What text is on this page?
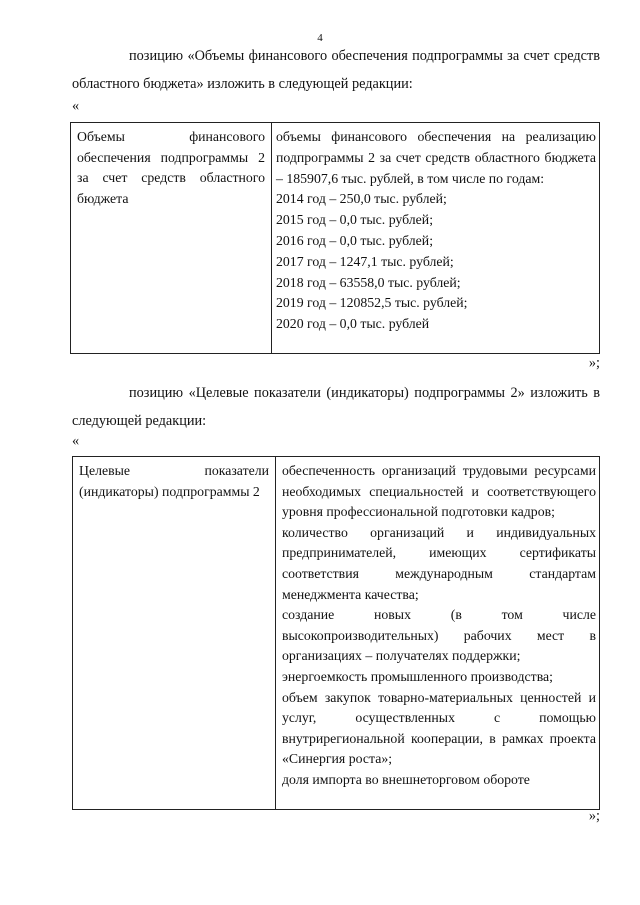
4

позицию «Объемы финансового обеспечения подпрограммы за счет средств областного бюджета» изложить в следующей редакции:

«
Объемы финансового обеспечения подпрограммы 2 за счет средств областного бюджета
объемы финансового обеспечения на реализацию подпрограммы 2 за счет средств областного бюджета – 185907,6 тыс. рублей, в том числе по годам:
2014 год – 250,0 тыс. рублей;
2015 год – 0,0 тыс. рублей;
2016 год – 0,0 тыс. рублей;
2017 год – 1247,1 тыс. рублей;
2018 год – 63558,0 тыс. рублей;
2019 год – 120852,5 тыс. рублей;
2020 год – 0,0 тыс. рублей
»;

позицию «Целевые показатели (индикаторы) подпрограммы 2» изложить в следующей редакции:

«
Целевые показатели (индикаторы) подпрограммы 2
обеспеченность организаций трудовыми ресурсами необходимых специальностей и соответствующего уровня профессиональной подготовки кадров;
количество организаций и индивидуальных предпринимателей, имеющих сертификаты соответствия международным стандартам менеджмента качества;
создание новых (в том числе высокопроизводительных) рабочих мест в организациях – получателях поддержки;
энергоемкость промышленного производства;
объем закупок товарно-материальных ценностей и услуг, осуществленных с помощью внутрирегиональной кооперации, в рамках проекта «Синергия роста»;
доля импорта во внешнеторговом обороте
»;
